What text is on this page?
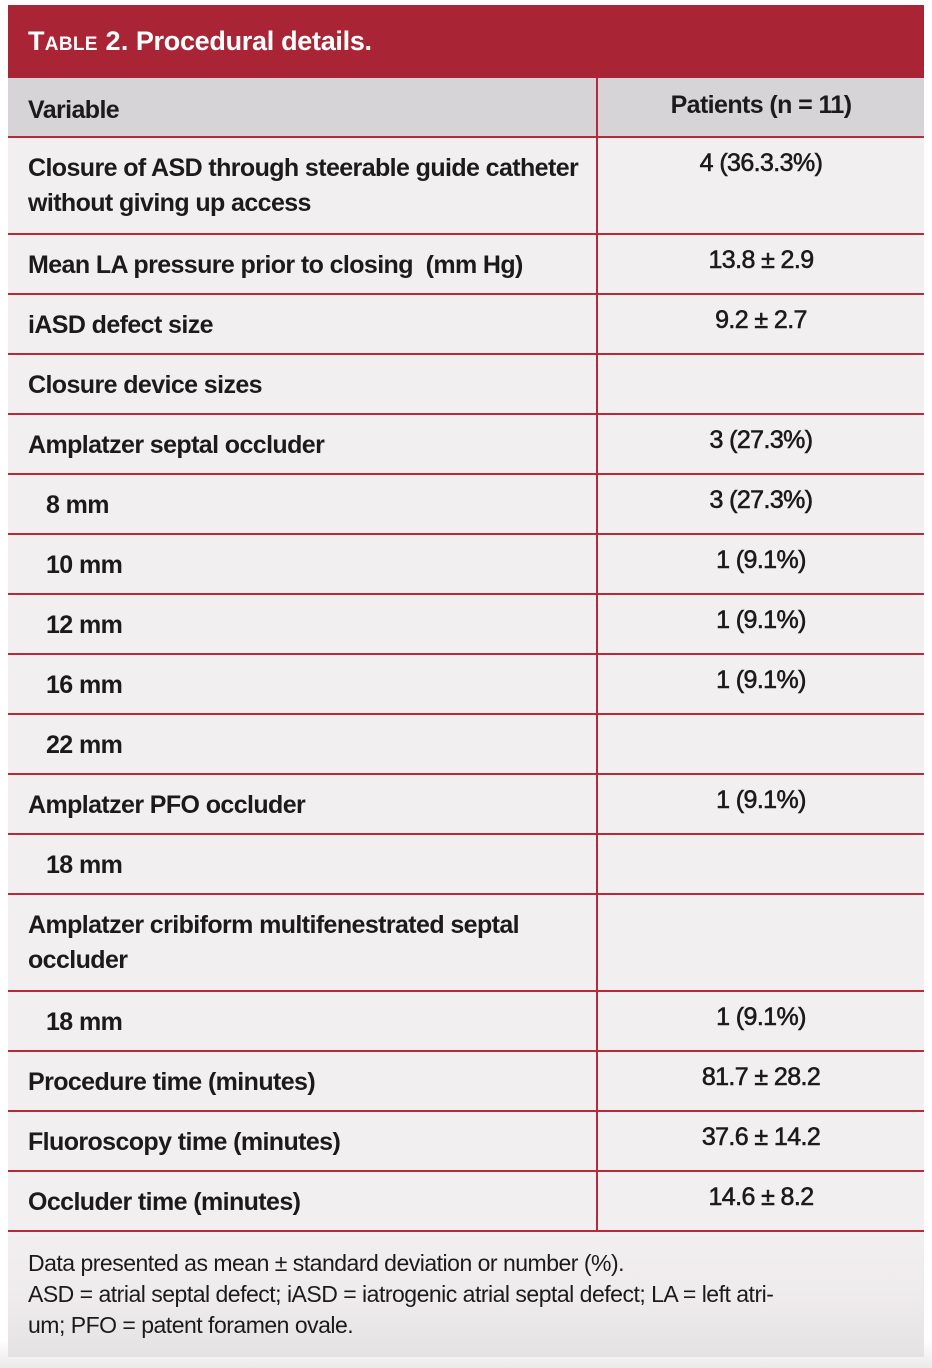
Table 2. Procedural details.
Variable	Patients (n = 11)
Closure of ASD through steerable guide catheter without giving up access	4 (36.3.3%)
Mean LA pressure prior to closing  (mm Hg)	13.8 ± 2.9
iASD defect size	9.2 ± 2.7
Closure device sizes	
Amplatzer septal occluder	3 (27.3%)
8 mm	3 (27.3%)
10 mm	1 (9.1%)
12 mm	1 (9.1%)
16 mm	1 (9.1%)
22 mm	
Amplatzer PFO occluder	1 (9.1%)
18 mm	
Amplatzer cribiform multifenestrated septal occluder	
18 mm	1 (9.1%)
Procedure time (minutes)	81.7 ± 28.2
Fluoroscopy time (minutes)	37.6 ± 14.2
Occluder time (minutes)	14.6 ± 8.2

Data presented as mean ± standard deviation or number (%).

ASD = atrial septal defect; iASD = iatrogenic atrial septal defect; LA = left atri-

um; PFO = patent foramen ovale.
